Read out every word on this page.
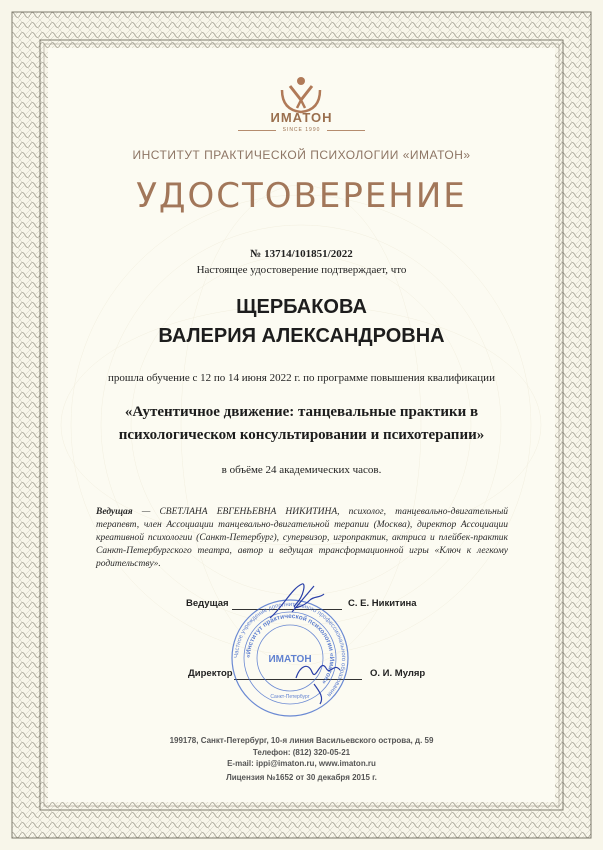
ИМАТОН
SINCE 1990
ИНСТИТУТ ПРАКТИЧЕСКОЙ ПСИХОЛОГИИ «ИМАТОН»
УДОСТОВЕРЕНИЕ
№ 13714/101851/2022
Настоящее удостоверение подтверждает, что
ЩЕРБАКОВА
ВАЛЕРИЯ АЛЕКСАНДРОВНА
прошла обучение с 12 по 14 июня 2022 г. по программе повышения квалификации
«Аутентичное движение: танцевальные практики в
психологическом консультировании и психотерапии»
в объёме 24 академических часов.
Ведущая — СВЕТЛАНА ЕВГЕНЬЕВНА НИКИТИНА, психолог, танцевально-двигательный терапевт, член Ассоциации танцевально-двигательной терапии (Москва), директор Ассоциации креативной психологии (Санкт-Петербург), супервизор, игропрактик, актриса и плейбек-практик Санкт-Петербургского театра, автор и ведущая трансформационной игры «Ключ к легкому родительству».
Ведущая	С. Е. Никитина
Директор	О. И. Муляр
Частное учреждение дополнительного профессионального образования
«Институт практической психологии «Иматон»
ИМАТОН
Санкт-Петербург
199178, Санкт-Петербург, 10-я линия Васильевского острова, д. 59
Телефон: (812) 320-05-21
E-mail: ippi@imaton.ru, www.imaton.ru
Лицензия №1652 от 30 декабря 2015 г.
